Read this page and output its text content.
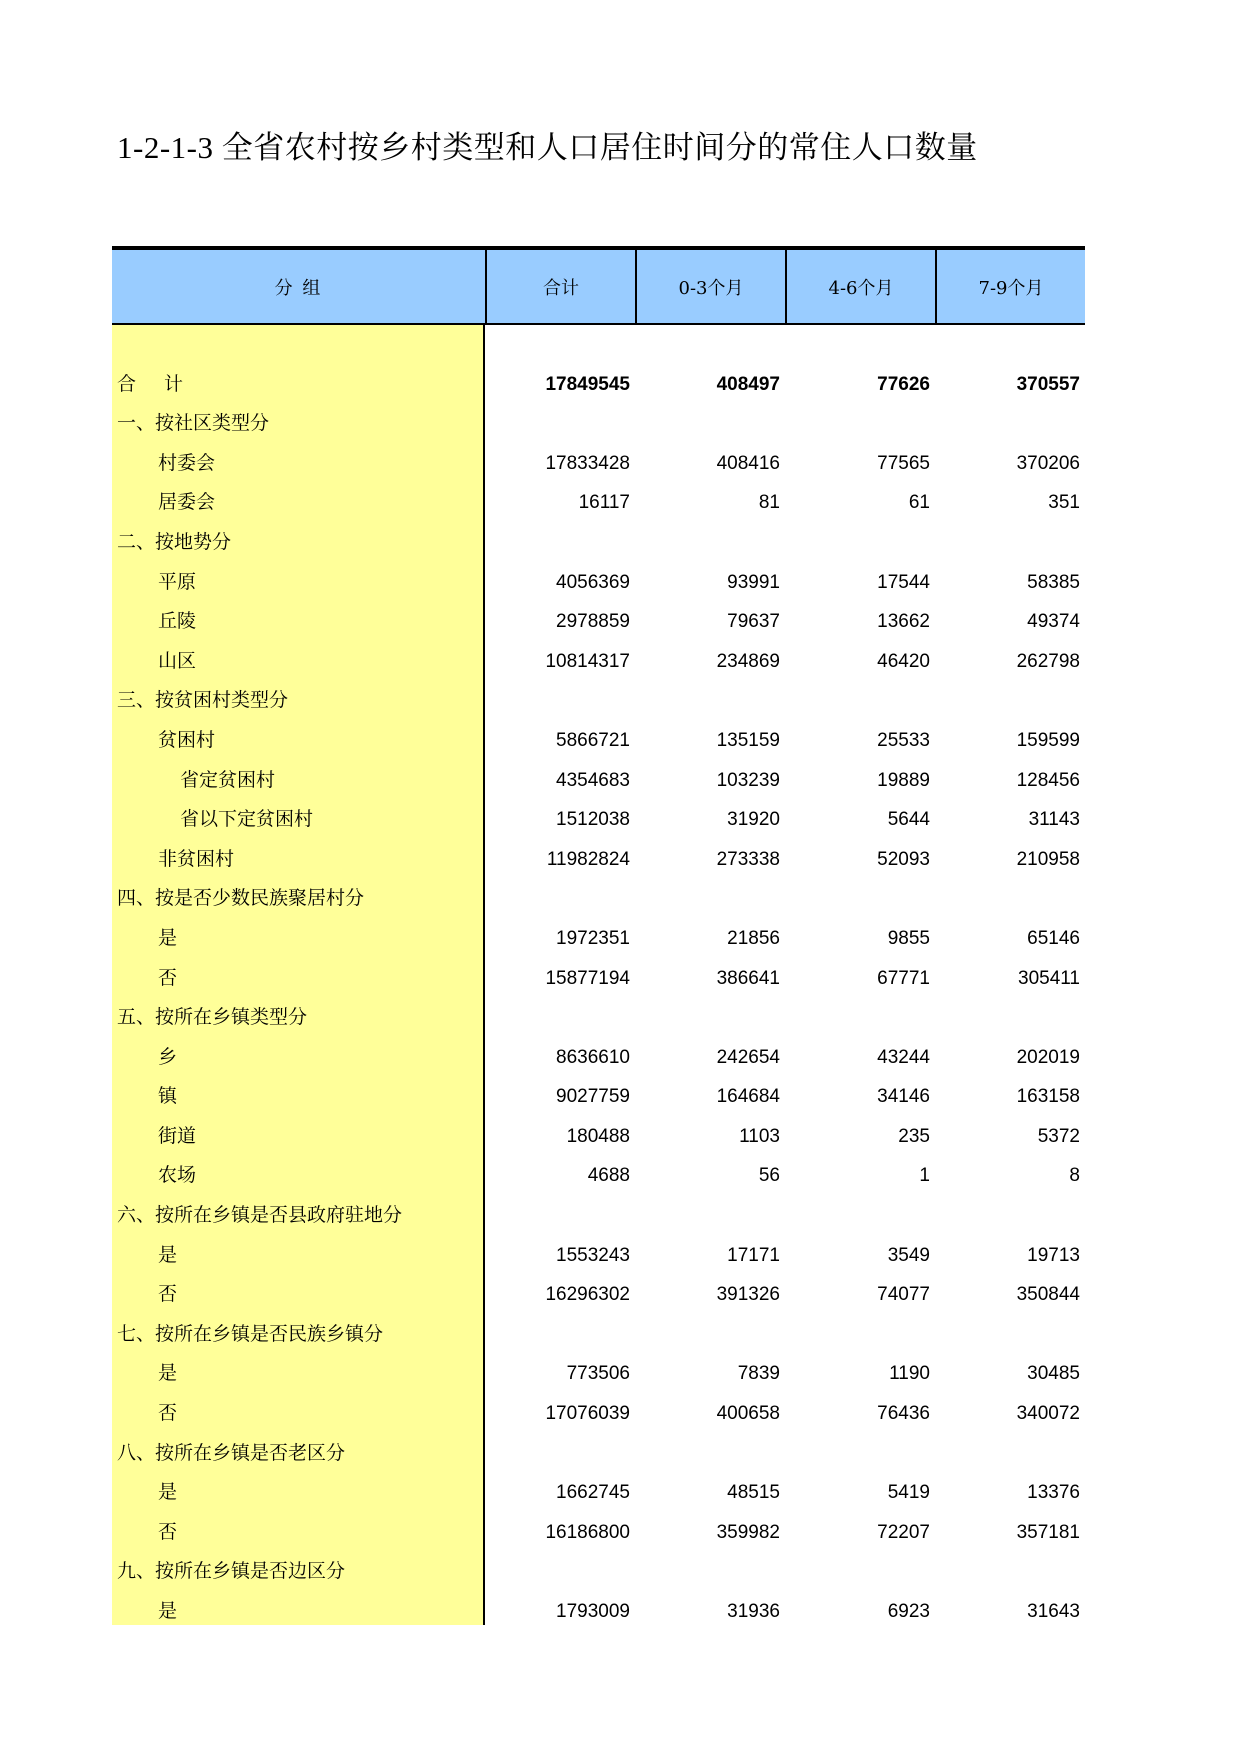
1-2-1-3 全省农村按乡村类型和人口居住时间分的常住人口数量
分 组	合计	0-3个月	4-6个月	7-9个月
合计	17849545	408497	77626	370557
一、按社区类型分
村委会	17833428	408416	77565	370206
居委会	16117	81	61	351
二、按地势分
平原	4056369	93991	17544	58385
丘陵	2978859	79637	13662	49374
山区	10814317	234869	46420	262798
三、按贫困村类型分
贫困村	5866721	135159	25533	159599
省定贫困村	4354683	103239	19889	128456
省以下定贫困村	1512038	31920	5644	31143
非贫困村	11982824	273338	52093	210958
四、按是否少数民族聚居村分
是	1972351	21856	9855	65146
否	15877194	386641	67771	305411
五、按所在乡镇类型分
乡	8636610	242654	43244	202019
镇	9027759	164684	34146	163158
街道	180488	1103	235	5372
农场	4688	56	1	8
六、按所在乡镇是否县政府驻地分
是	1553243	17171	3549	19713
否	16296302	391326	74077	350844
七、按所在乡镇是否民族乡镇分
是	773506	7839	1190	30485
否	17076039	400658	76436	340072
八、按所在乡镇是否老区分
是	1662745	48515	5419	13376
否	16186800	359982	72207	357181
九、按所在乡镇是否边区分
是	1793009	31936	6923	31643
